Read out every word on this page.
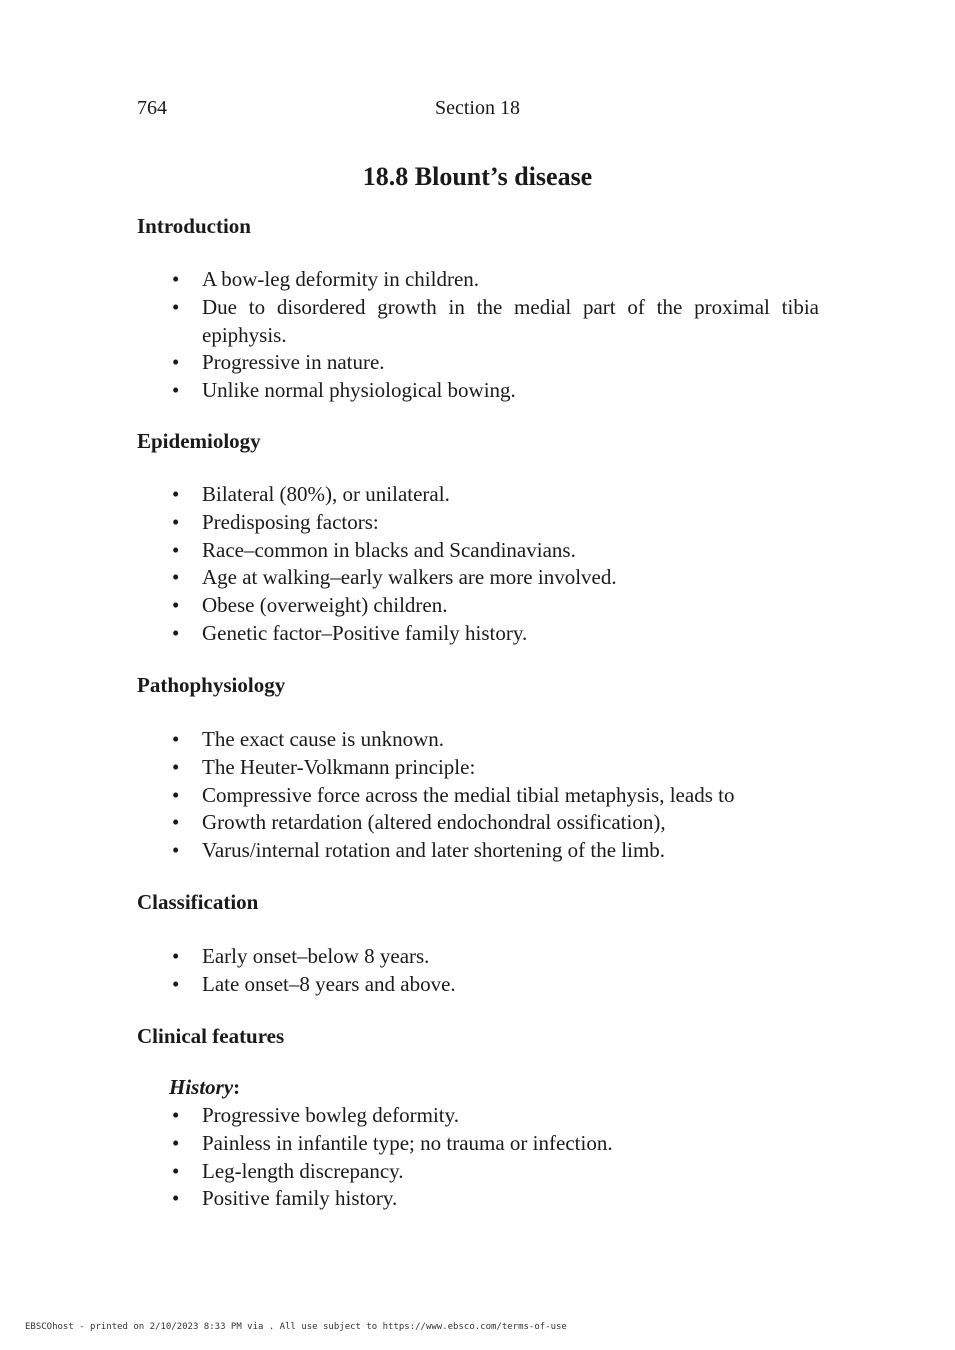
764	Section 18
18.8 Blount’s disease
Introduction
• A bow-leg deformity in children.
• Due to disordered growth in the medial part of the proximal tibia epiphysis.
• Progressive in nature.
• Unlike normal physiological bowing.
Epidemiology
• Bilateral (80%), or unilateral.
• Predisposing factors:
• Race–common in blacks and Scandinavians.
• Age at walking–early walkers are more involved.
• Obese (overweight) children.
• Genetic factor–Positive family history.
Pathophysiology
• The exact cause is unknown.
• The Heuter-Volkmann principle:
• Compressive force across the medial tibial metaphysis, leads to
• Growth retardation (altered endochondral ossification),
• Varus/internal rotation and later shortening of the limb.
Classification
• Early onset–below 8 years.
• Late onset–8 years and above.
Clinical features
History:
• Progressive bowleg deformity.
• Painless in infantile type; no trauma or infection.
• Leg-length discrepancy.
• Positive family history.
EBSCOhost - printed on 2/10/2023 8:33 PM via . All use subject to https://www.ebsco.com/terms-of-use
